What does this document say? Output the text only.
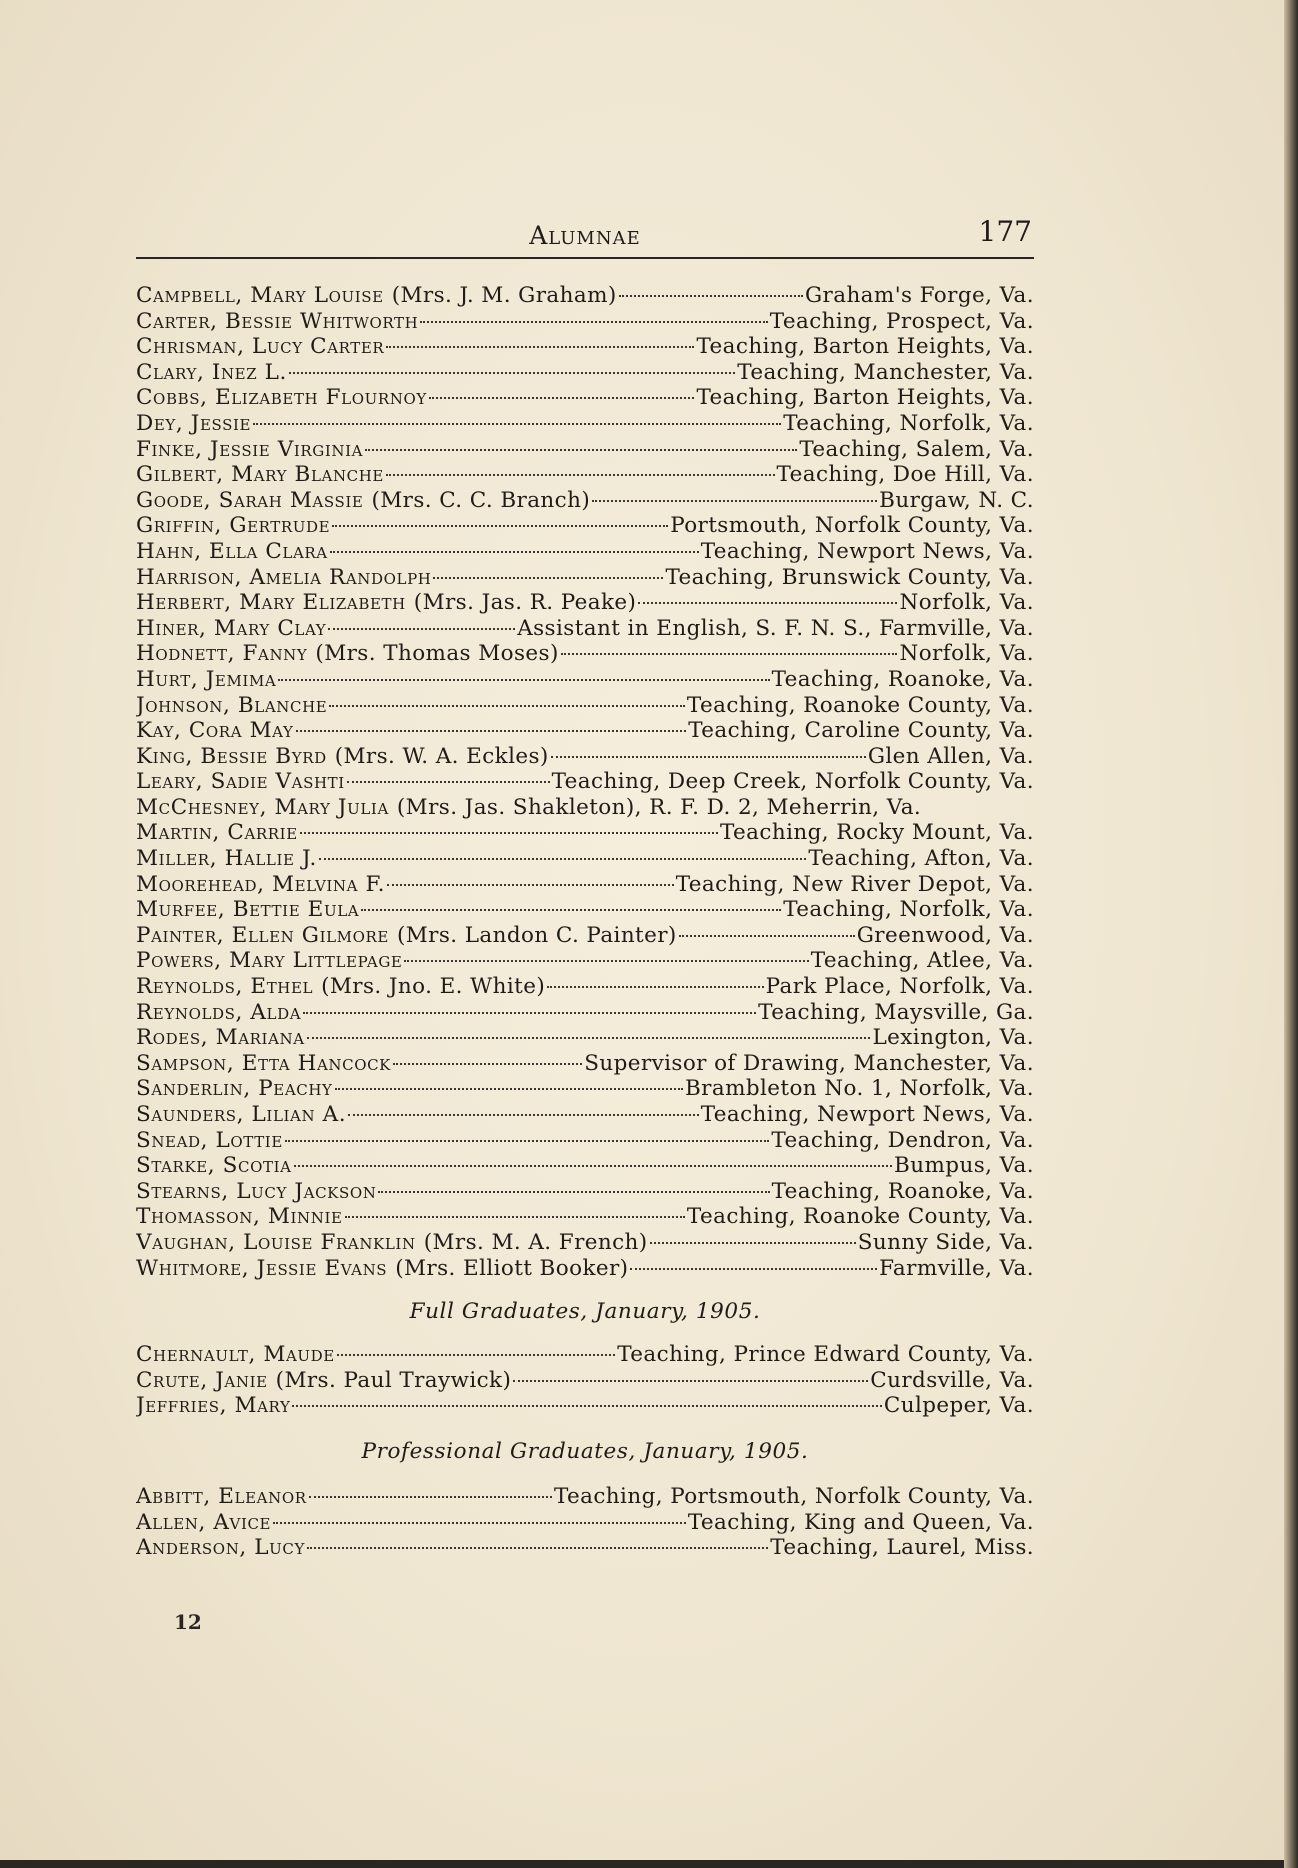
Alumnae	177
Campbell, Mary Louise (Mrs. J. M. Graham)	Graham's Forge, Va.
Carter, Bessie Whitworth	Teaching, Prospect, Va.
Chrisman, Lucy Carter	Teaching, Barton Heights, Va.
Clary, Inez L.	Teaching, Manchester, Va.
Cobbs, Elizabeth Flournoy	Teaching, Barton Heights, Va.
Dey, Jessie	Teaching, Norfolk, Va.
Finke, Jessie Virginia	Teaching, Salem, Va.
Gilbert, Mary Blanche	Teaching, Doe Hill, Va.
Goode, Sarah Massie (Mrs. C. C. Branch)	Burgaw, N. C.
Griffin, Gertrude	Portsmouth, Norfolk County, Va.
Hahn, Ella Clara	Teaching, Newport News, Va.
Harrison, Amelia Randolph	Teaching, Brunswick County, Va.
Herbert, Mary Elizabeth (Mrs. Jas. R. Peake)	Norfolk, Va.
Hiner, Mary Clay	Assistant in English, S. F. N. S., Farmville, Va.
Hodnett, Fanny (Mrs. Thomas Moses)	Norfolk, Va.
Hurt, Jemima	Teaching, Roanoke, Va.
Johnson, Blanche	Teaching, Roanoke County, Va.
Kay, Cora May	Teaching, Caroline County, Va.
King, Bessie Byrd (Mrs. W. A. Eckles)	Glen Allen, Va.
Leary, Sadie Vashti	Teaching, Deep Creek, Norfolk County, Va.
McChesney, Mary Julia (Mrs. Jas. Shakleton), R. F. D. 2, Meherrin, Va.
Martin, Carrie	Teaching, Rocky Mount, Va.
Miller, Hallie J.	Teaching, Afton, Va.
Moorehead, Melvina F.	Teaching, New River Depot, Va.
Murfee, Bettie Eula	Teaching, Norfolk, Va.
Painter, Ellen Gilmore (Mrs. Landon C. Painter)	Greenwood, Va.
Powers, Mary Littlepage	Teaching, Atlee, Va.
Reynolds, Ethel (Mrs. Jno. E. White)	Park Place, Norfolk, Va.
Reynolds, Alda	Teaching, Maysville, Ga.
Rodes, Mariana	Lexington, Va.
Sampson, Etta Hancock	Supervisor of Drawing, Manchester, Va.
Sanderlin, Peachy	Brambleton No. 1, Norfolk, Va.
Saunders, Lilian A.	Teaching, Newport News, Va.
Snead, Lottie	Teaching, Dendron, Va.
Starke, Scotia	Bumpus, Va.
Stearns, Lucy Jackson	Teaching, Roanoke, Va.
Thomasson, Minnie	Teaching, Roanoke County, Va.
Vaughan, Louise Franklin (Mrs. M. A. French)	Sunny Side, Va.
Whitmore, Jessie Evans (Mrs. Elliott Booker)	Farmville, Va.
Full Graduates, January, 1905.
Chernault, Maude	Teaching, Prince Edward County, Va.
Crute, Janie (Mrs. Paul Traywick)	Curdsville, Va.
Jeffries, Mary	Culpeper, Va.
Professional Graduates, January, 1905.
Abbitt, Eleanor	Teaching, Portsmouth, Norfolk County, Va.
Allen, Avice	Teaching, King and Queen, Va.
Anderson, Lucy	Teaching, Laurel, Miss.
12
